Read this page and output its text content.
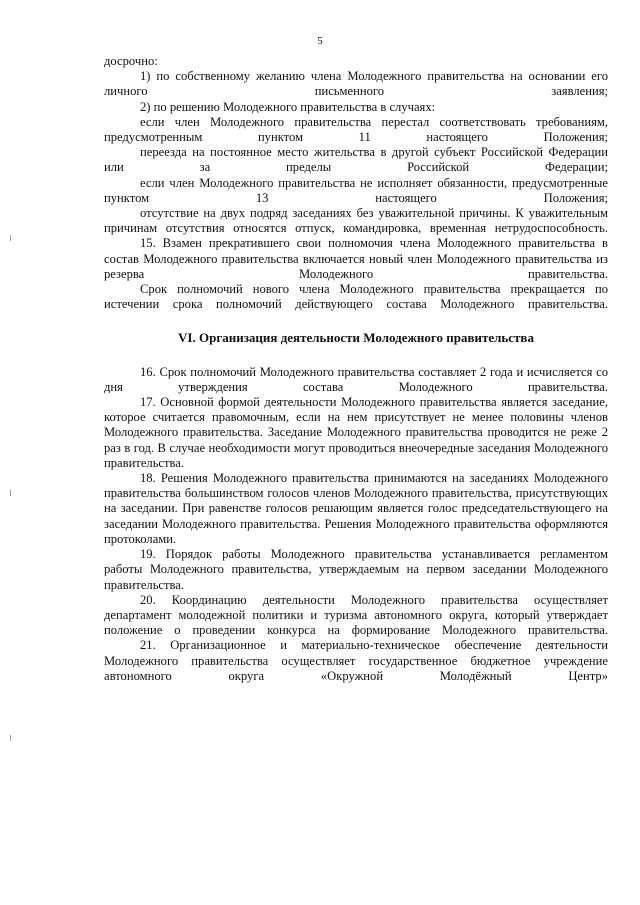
5

досрочно:

1) по собственному желанию члена Молодежного правительства на основании его личного письменного заявления;

2) по решению Молодежного правительства в случаях:

если член Молодежного правительства перестал соответствовать требованиям, предусмотренным пунктом 11 настоящего Положения;

переезда на постоянное место жительства в другой субъект Российской Федерации или за пределы Российской Федерации;

если член Молодежного правительства не исполняет обязанности, предусмотренные пунктом 13 настоящего Положения;

отсутствие на двух подряд заседаниях без уважительной причины. К уважительным причинам отсутствия относятся отпуск, командировка, временная нетрудоспособность.

15. Взамен прекратившего свои полномочия члена Молодежного правительства в состав Молодежного правительства включается новый член Молодежного правительства из резерва Молодежного правительства.

Срок полномочий нового члена Молодежного правительства прекращается по истечении срока полномочий действующего состава Молодежного правительства.

VI. Организация деятельности Молодежного правительства

16. Срок полномочий Молодежного правительства составляет 2 года и исчисляется со дня утверждения состава Молодежного правительства.

17. Основной формой деятельности Молодежного правительства является заседание, которое считается правомочным, если на нем присутствует не менее половины членов Молодежного правительства. Заседание Молодежного правительства проводится не реже 2 раз в год. В случае необходимости могут проводиться внеочередные заседания Молодежного правительства.

18. Решения Молодежного правительства принимаются на заседаниях Молодежного правительства большинством голосов членов Молодежного правительства, присутствующих на заседании. При равенстве голосов решающим является голос председательствующего на заседании Молодежного правительства. Решения Молодежного правительства оформляются протоколами.

19. Порядок работы Молодежного правительства устанавливается регламентом работы Молодежного правительства, утверждаемым на первом заседании Молодежного правительства.

20. Координацию деятельности Молодежного правительства осуществляет департамент молодежной политики и туризма автономного округа, который утверждает положение о проведении конкурса на формирование Молодежного правительства.

21. Организационное и материально-техническое обеспечение деятельности Молодежного правительства осуществляет государственное бюджетное учреждение автономного округа «Окружной Молодёжный Центр»
